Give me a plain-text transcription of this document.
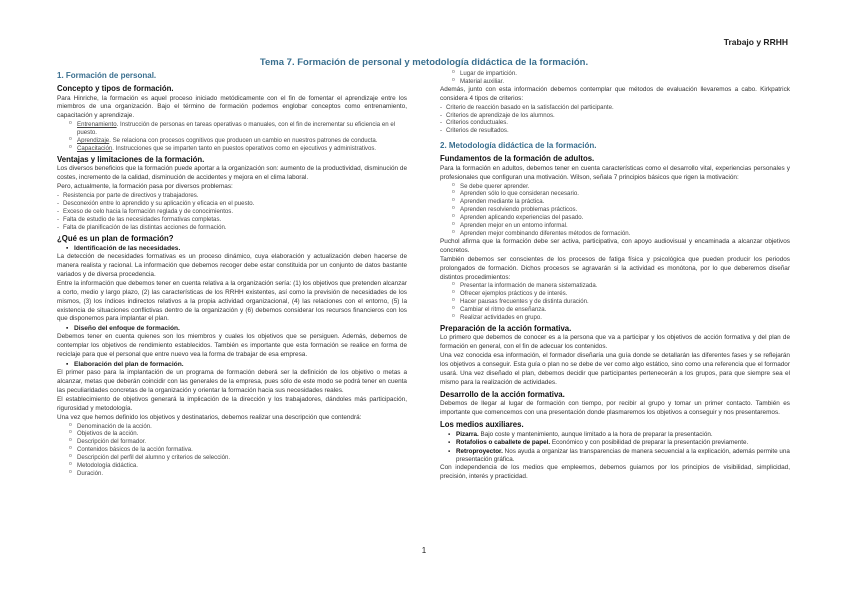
Trabajo y RRHH
Tema 7. Formación de personal y metodología didáctica de la formación.
1. Formación de personal.
Concepto y tipos de formación.

Para Hinriche, la formación es aquel proceso iniciado metódicamente con el fin de fomentar el aprendizaje entre los miembros de una organización. Bajo el término de formación podemos englobar conceptos como entrenamiento, capacitación y aprendizaje.

o Entrenamiento. Instrucción de personas en tareas operativas o manuales, con el fin de incrementar su eficiencia en el puesto.
o Aprendizaje. Se relaciona con procesos cognitivos que producen un cambio en nuestros patrones de conducta.
o Capacitación. Instrucciones que se imparten tanto en puestos operativos como en ejecutivos y administrativos.
Ventajas y limitaciones de la formación.

Los diversos beneficios que la formación puede aportar a la organización son: aumento de la productividad, disminución de costes, incremento de la calidad, disminución de accidentes y mejora en el clima laboral.

Pero, actualmente, la formación pasa por diversos problemas:

- Resistencia por parte de directivos y trabajadores.
- Desconexión entre lo aprendido y su aplicación y eficacia en el puesto.
- Exceso de celo hacia la formación reglada y de conocimientos.
- Falta de estudio de las necesidades formativas completas.
- Falta de planificación de las distintas acciones de formación.
¿Qué es un plan de formación?
▪ Identificación de las necesidades.

La detección de necesidades formativas es un proceso dinámico, cuya elaboración y actualización deben hacerse de manera realista y racional. La información que debemos recoger debe estar constituida por un conjunto de datos bastante variados y de diversa procedencia.

Entre la información que debemos tener en cuenta relativa a la organización sería: (1) los objetivos que pretenden alcanzar a corto, medio y largo plazo, (2) las características de los RRHH existentes, así como la previsión de necesidades de los mismos, (3) los índices indirectos relativos a la propia actividad organizacional, (4) las relaciones con el entorno, (5) la existencia de situaciones conflictivas dentro de la organización y (6) debemos considerar los recursos financieros con los que disponemos para implantar el plan.

▪ Diseño del enfoque de formación.

Debemos tener en cuenta quienes son los miembros y cuales los objetivos que se persiguen. Además, debemos de contemplar los objetivos de rendimiento establecidos. También es importante que esta formación se realice en forma de reciclaje para que el personal que entre nuevo vea la forma de trabajar de esa empresa.

▪ Elaboración del plan de formación.

El primer paso para la implantación de un programa de formación deberá ser la definición de los objetivo o metas a alcanzar, metas que deberán coincidir con las generales de la empresa, pues sólo de este modo se podrá tener en cuenta las peculiaridades concretas de la organización y orientar la formación hacia sus necesidades reales.

El establecimiento de objetivos generará la implicación de la dirección y los trabajadores, dándoles más participación, rigurosidad y metodología.

Una vez que hemos definido los objetivos y destinatarios, debemos realizar una descripción que contendrá:

o Denominación de la acción.
o Objetivos de la acción.
o Descripción del formador.
o Contenidos básicos de la acción formativa.
o Descripción del perfil del alumno y criterios de selección.
o Metodología didáctica.
o Duración.
o Lugar de impartición.
o Material auxiliar.

Además, junto con esta información debemos contemplar que métodos de evaluación llevaremos a cabo. Kirkpatrick considera 4 tipos de criterios:

- Criterio de reacción basado en la satisfacción del participante.
- Criterios de aprendizaje de los alumnos.
- Criterios conductuales.
- Criterios de resultados.
2. Metodología didáctica de la formación.
Fundamentos de la formación de adultos.

Para la formación en adultos, debemos tener en cuenta características como el desarrollo vital, experiencias personales y profesionales que configuran una motivación. Wilson, señala 7 principios básicos que rigen la motivación:

o Se debe querer aprender.
o Aprenden sólo lo que consideran necesario.
o Aprenden mediante la práctica.
o Aprenden resolviendo problemas prácticos.
o Aprenden aplicando experiencias del pasado.
o Aprenden mejor en un entorno informal.
o Aprenden mejor combinando diferentes métodos de formación.

Puchol afirma que la formación debe ser activa, participativa, con apoyo audiovisual y encaminada a alcanzar objetivos concretos.

También debemos ser conscientes de los procesos de fatiga física y psicológica que pueden producir los periodos prolongados de formación. Dichos procesos se agravarán si la actividad es monótona, por lo que deberemos diseñar distintos procedimientos:

o Presentar la información de manera sistematizada.
o Ofrecer ejemplos prácticos y de interés.
o Hacer pausas frecuentes y de distinta duración.
o Cambiar el ritmo de enseñanza.
o Realizar actividades en grupo.
Preparación de la acción formativa.

Lo primero que debemos de conocer es a la persona que va a participar y los objetivos de acción formativa y del plan de formación en general, con el fin de adecuar los contenidos.

Una vez conocida esa información, el formador diseñaría una guía donde se detallarán las diferentes fases y se reflejarán los objetivos a conseguir. Esta guía o plan no se debe de ver como algo estático, sino como una referencia que el formador usará. Una vez diseñado el plan, debemos decidir que participantes pertenecerán a los grupos, para que siempre sea el mismo para la realización de actividades.

Desarrollo de la acción formativa.

Debemos de llegar al lugar de formación con tiempo, por recibir al grupo y tomar un primer contacto. También es importante que comencemos con una presentación donde plasmaremos los objetivos a conseguir y nos presentaremos.

Los medios auxiliares.
▪ Pizarra. Bajo coste y mantenimiento, aunque limitado a la hora de preparar la presentación.
▪ Rotafolios o caballete de papel. Económico y con posibilidad de preparar la presentación previamente.
▪ Retroproyector. Nos ayuda a organizar las transparencias de manera secuencial a la explicación, además permite una presentación gráfica.

Con independencia de los medios que empleemos, debemos guiarnos por los principios de visibilidad, simplicidad, precisión, interés y practicidad.

1
